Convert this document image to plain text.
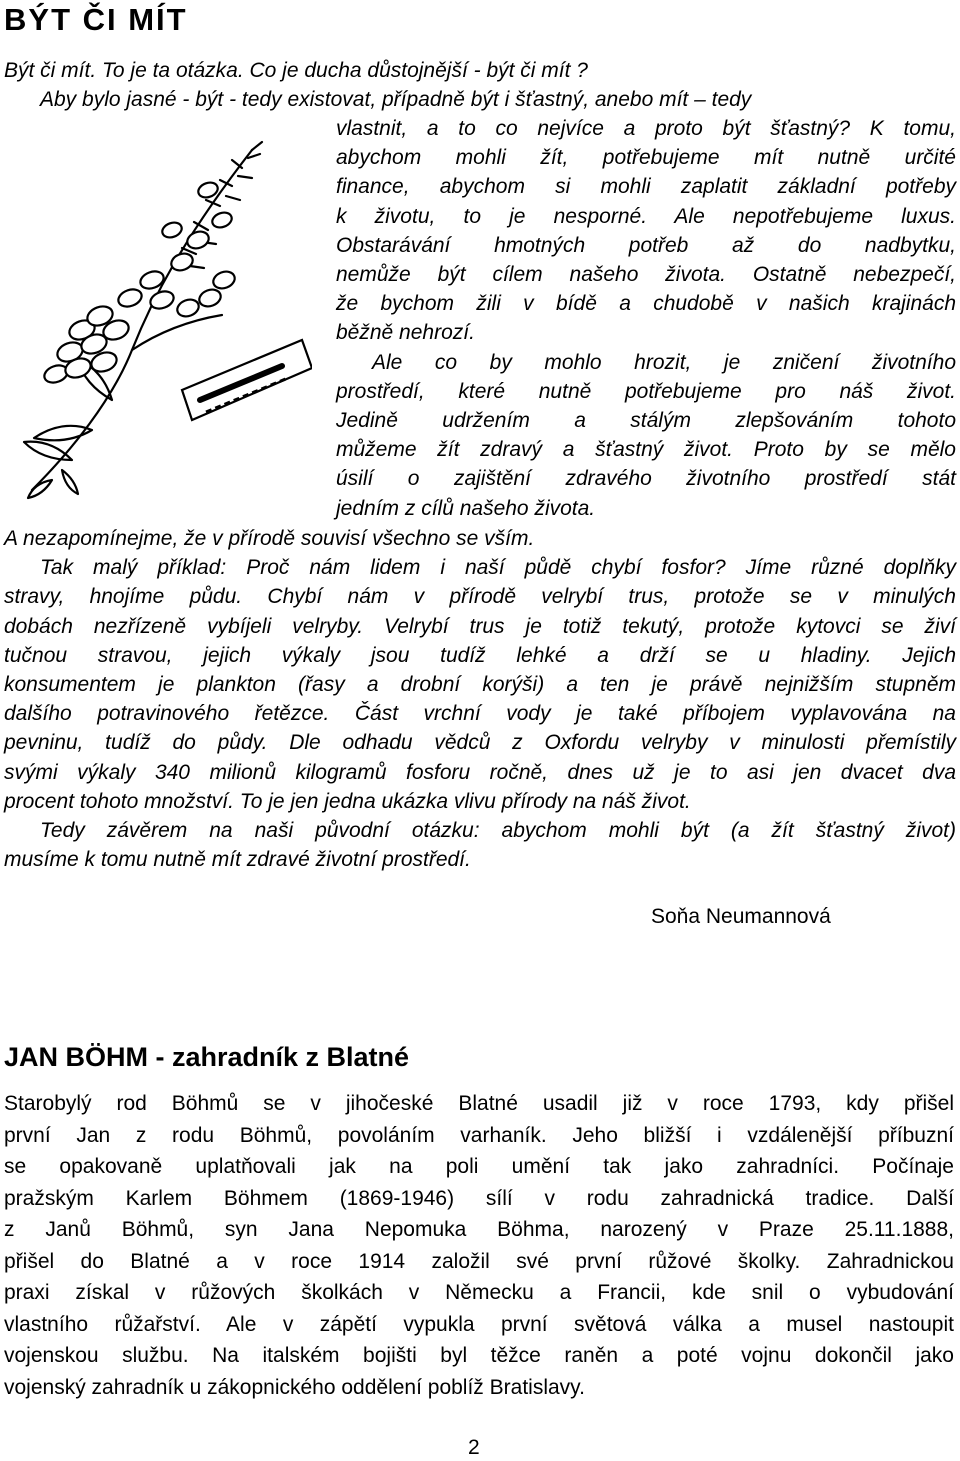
BÝT ČI MÍT
Být či mít. To je ta otázka. Co je ducha důstojnější - být či mít ?
Aby bylo jasné - být - tedy existovat, případně být i šťastný, anebo mít – tedy
vlastnit, a to co nejvíce a proto být šťastný? K tomu,
abychom mohli žít, potřebujeme mít nutně určité
finance, abychom si mohli zaplatit základní potřeby
k životu, to je nesporné. Ale nepotřebujeme luxus.
Obstarávání hmotných potřeb až do nadbytku,
nemůže být cílem našeho života. Ostatně nebezpečí,
že bychom žili v bídě a chudobě v našich krajinách
běžně nehrozí.
Ale co by mohlo hrozit, je zničení životního
prostředí, které nutně potřebujeme pro náš život.
Jedině udržením a stálým zlepšováním tohoto
můžeme žít zdravý a šťastný život. Proto by se mělo
úsilí o zajištění zdravého životního prostředí stát
jedním z cílů našeho života.
A nezapomínejme, že v přírodě souvisí všechno se vším.
Tak malý příklad: Proč nám lidem i naší půdě chybí fosfor? Jíme různé doplňky
stravy, hnojíme půdu. Chybí nám v přírodě velrybí trus, protože se v minulých
dobách nezřízeně vybíjeli velryby. Velrybí trus je totiž tekutý, protože kytovci se živí
tučnou stravou, jejich výkaly jsou tudíž lehké a drží se u hladiny. Jejich
konsumentem je plankton (řasy a drobní korýši) a ten je právě nejnižším stupněm
dalšího potravinového řetězce. Část vrchní vody je také příbojem vyplavována na
pevninu, tudíž do půdy. Dle odhadu vědců z Oxfordu velryby v minulosti přemístily
svými výkaly 340 milionů kilogramů fosforu ročně, dnes už je to asi jen dvacet dva
procent tohoto množství. To je jen jedna ukázka vlivu přírody na náš život.
Tedy závěrem na naši původní otázku: abychom mohli být (a žít šťastný život)
musíme k tomu nutně mít zdravé životní prostředí.
Soňa Neumannová
JAN BÖHM - zahradník z Blatné
Starobylý rod Böhmů se v jihočeské Blatné usadil již v roce 1793, kdy přišel
první Jan z rodu Böhmů, povoláním varhaník. Jeho bližší i vzdálenější příbuzní
se opakovaně uplatňovali jak na poli umění tak jako zahradníci. Počínaje
pražským Karlem Böhmem (1869-1946) sílí v rodu zahradnická tradice. Další
z Janů Böhmů, syn Jana Nepomuka Böhma, narozený v Praze 25.11.1888,
přišel do Blatné a v roce 1914 založil své první růžové školky. Zahradnickou
praxi získal v růžových školkách v Německu a Francii, kde snil o vybudování
vlastního růžařství. Ale v zápětí vypukla první světová válka a musel nastoupit
vojenskou službu. Na italském bojišti byl těžce raněn a poté vojnu dokončil jako
vojenský zahradník u zákopnického oddělení poblíž Bratislavy.
2
